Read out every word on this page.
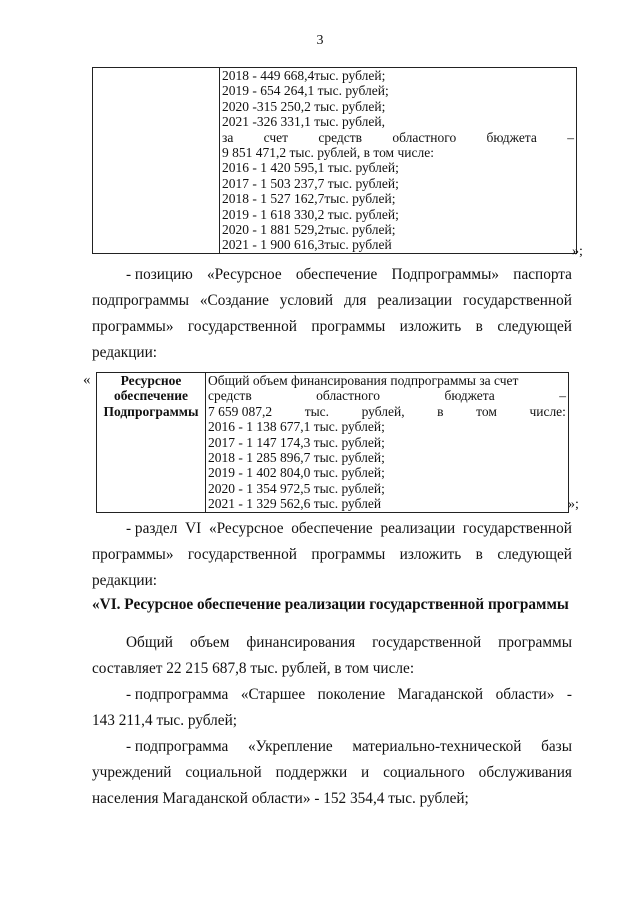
3

2018 - 449 668,4тыс. рублей;
2019 - 654 264,1 тыс. рублей;
2020 -315 250,2 тыс. рублей;
2021 -326 331,1 тыс. рублей,
за счет средств областного бюджета –
9 851 471,2 тыс. рублей, в том числе:
2016 - 1 420 595,1 тыс. рублей;
2017 - 1 503 237,7 тыс. рублей;
2018 - 1 527 162,7тыс. рублей;
2019 - 1 618 330,2 тыс. рублей;
2020 - 1 881 529,2тыс. рублей;
2021 - 1 900 616,3тыс. рублей	»;
- позицию «Ресурсное обеспечение Подпрограммы» паспорта
подпрограммы «Создание условий для реализации государственной
программы» государственной программы изложить в следующей
редакции:
«	Ресурсное
обеспечение
Подпрограммы

Общий объем финансирования подпрограммы за счет
средств	областного	бюджета	–
7 659 087,2 тыс. рублей, в том числе:
2016 - 1 138 677,1 тыс. рублей;
2017 - 1 147 174,3 тыс. рублей;
2018 - 1 285 896,7 тыс. рублей;
2019 - 1 402 804,0 тыс. рублей;
2020 - 1 354 972,5 тыс. рублей;
2021 - 1 329 562,6 тыс. рублей	»;
- раздел VI «Ресурсное обеспечение реализации государственной
программы» государственной программы изложить в следующей
редакции:
«VI. Ресурсное обеспечение реализации государственной программы
Общий объем финансирования государственной программы
составляет 22 215 687,8 тыс. рублей, в том числе:
- подпрограмма «Старшее поколение Магаданской области» -
143 211,4 тыс. рублей;
- подпрограмма «Укрепление материально-технической базы
учреждений социальной поддержки и социального обслуживания
населения Магаданской области» - 152 354,4 тыс. рублей;
